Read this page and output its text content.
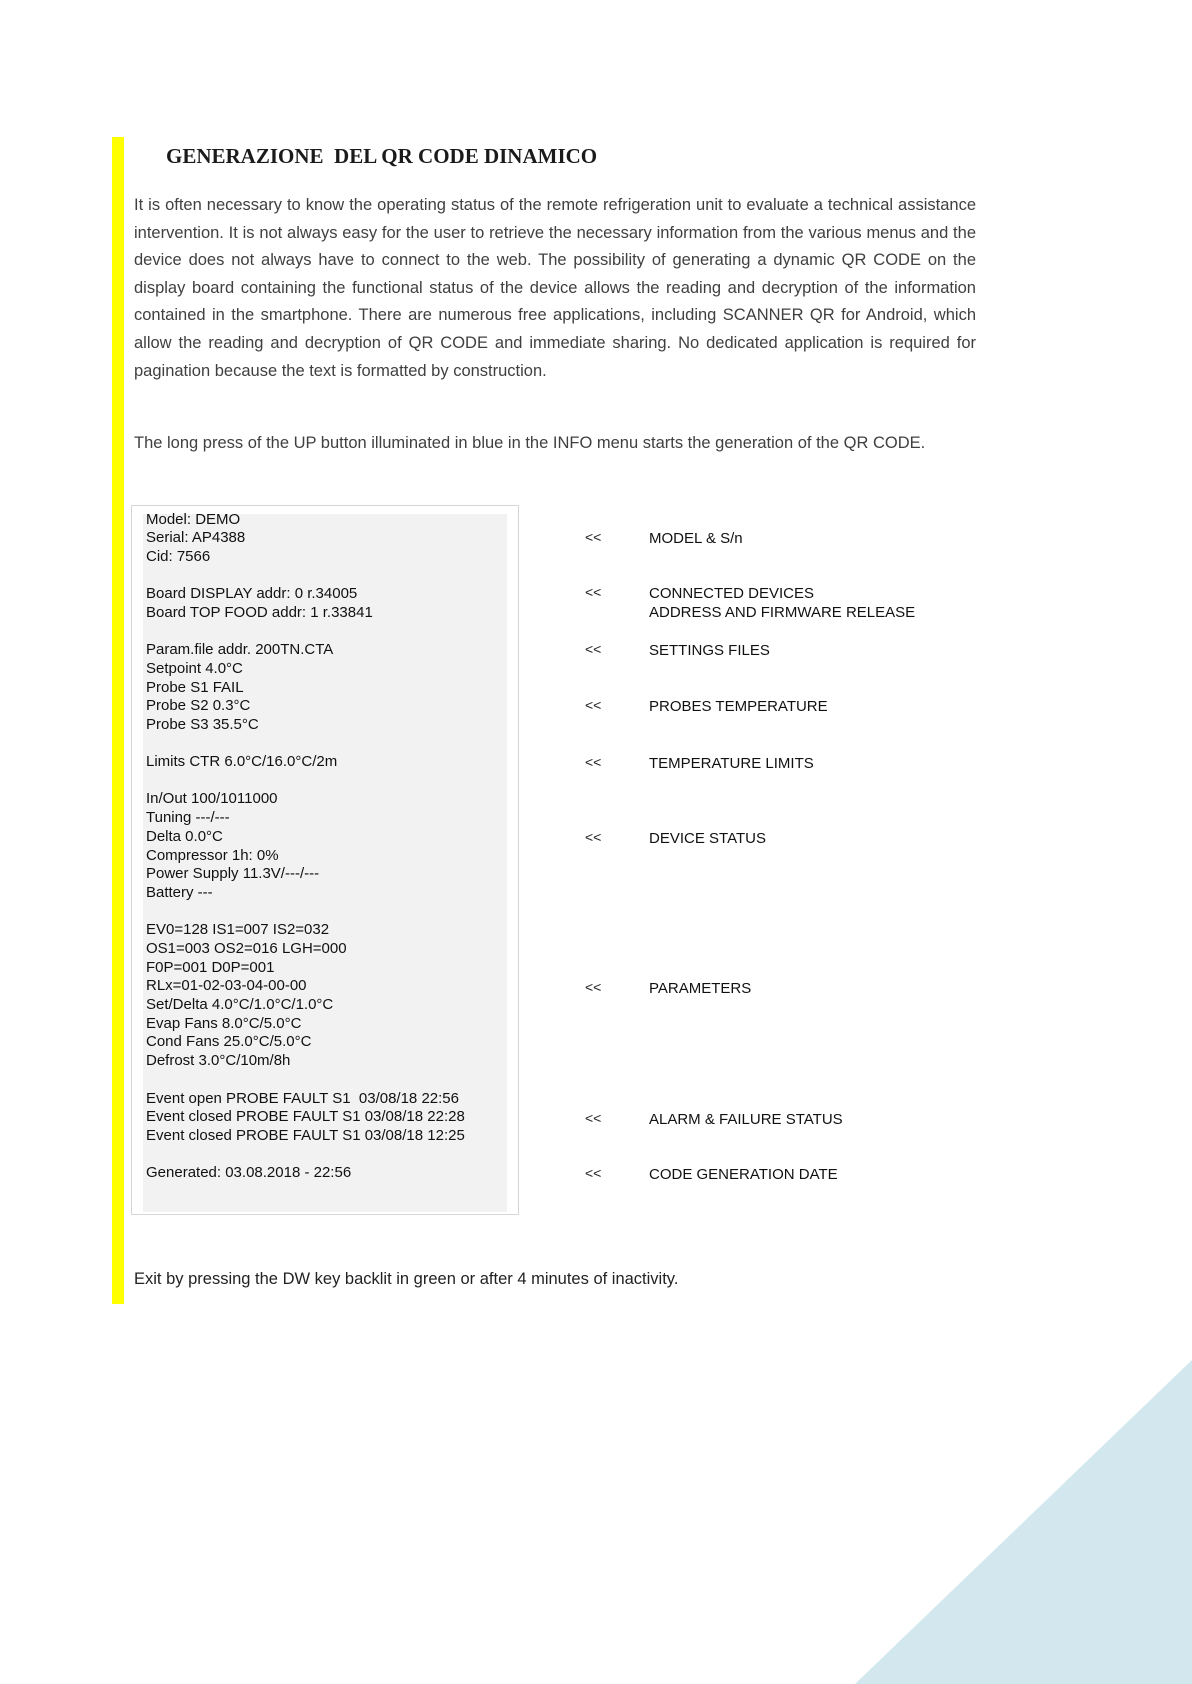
GENERAZIONE  DEL QR CODE DINAMICO
It is often necessary to know the operating status of the remote refrigeration unit to evaluate a technical assistance intervention. It is not always easy for the user to retrieve the necessary information from the various menus and the device does not always have to connect to the web. The possibility of generating a dynamic QR CODE on the display board containing the functional status of the device allows the reading and decryption of the information contained in the smartphone. There are numerous free applications, including SCANNER QR for Android, which allow the reading and decryption of QR CODE and immediate sharing. No dedicated application is required for pagination because the text is formatted by construction.
The long press of the UP button illuminated in blue in the INFO menu starts the generation of the QR CODE.
Model: DEMO
Serial: AP4388
Cid: 7566
Board DISPLAY addr: 0 r.34005
Board TOP FOOD addr: 1 r.33841
Param.file addr. 200TN.CTA
Setpoint 4.0°C
Probe S1 FAIL
Probe S2 0.3°C
Probe S3 35.5°C
Limits CTR 6.0°C/16.0°C/2m
In/Out 100/1011000
Tuning ---/---
Delta 0.0°C
Compressor 1h: 0%
Power Supply 11.3V/---/---
Battery ---
EV0=128 IS1=007 IS2=032
OS1=003 OS2=016 LGH=000
F0P=001 D0P=001
RLx=01-02-03-04-00-00
Set/Delta 4.0°C/1.0°C/1.0°C
Evap Fans 8.0°C/5.0°C
Cond Fans 25.0°C/5.0°C
Defrost 3.0°C/10m/8h
Event open PROBE FAULT S1  03/08/18 22:56
Event closed PROBE FAULT S1 03/08/18 22:28
Event closed PROBE FAULT S1 03/08/18 12:25
Generated: 03.08.2018 - 22:56
<<
<<
<<
<<
<<
<<
<<
<<
<<
MODEL & S/n
CONNECTED DEVICES
ADDRESS AND FIRMWARE RELEASE
SETTINGS FILES
PROBES TEMPERATURE
TEMPERATURE LIMITS
DEVICE STATUS
PARAMETERS
ALARM & FAILURE STATUS
CODE GENERATION DATE
Exit by pressing the DW key backlit in green or after 4 minutes of inactivity.
